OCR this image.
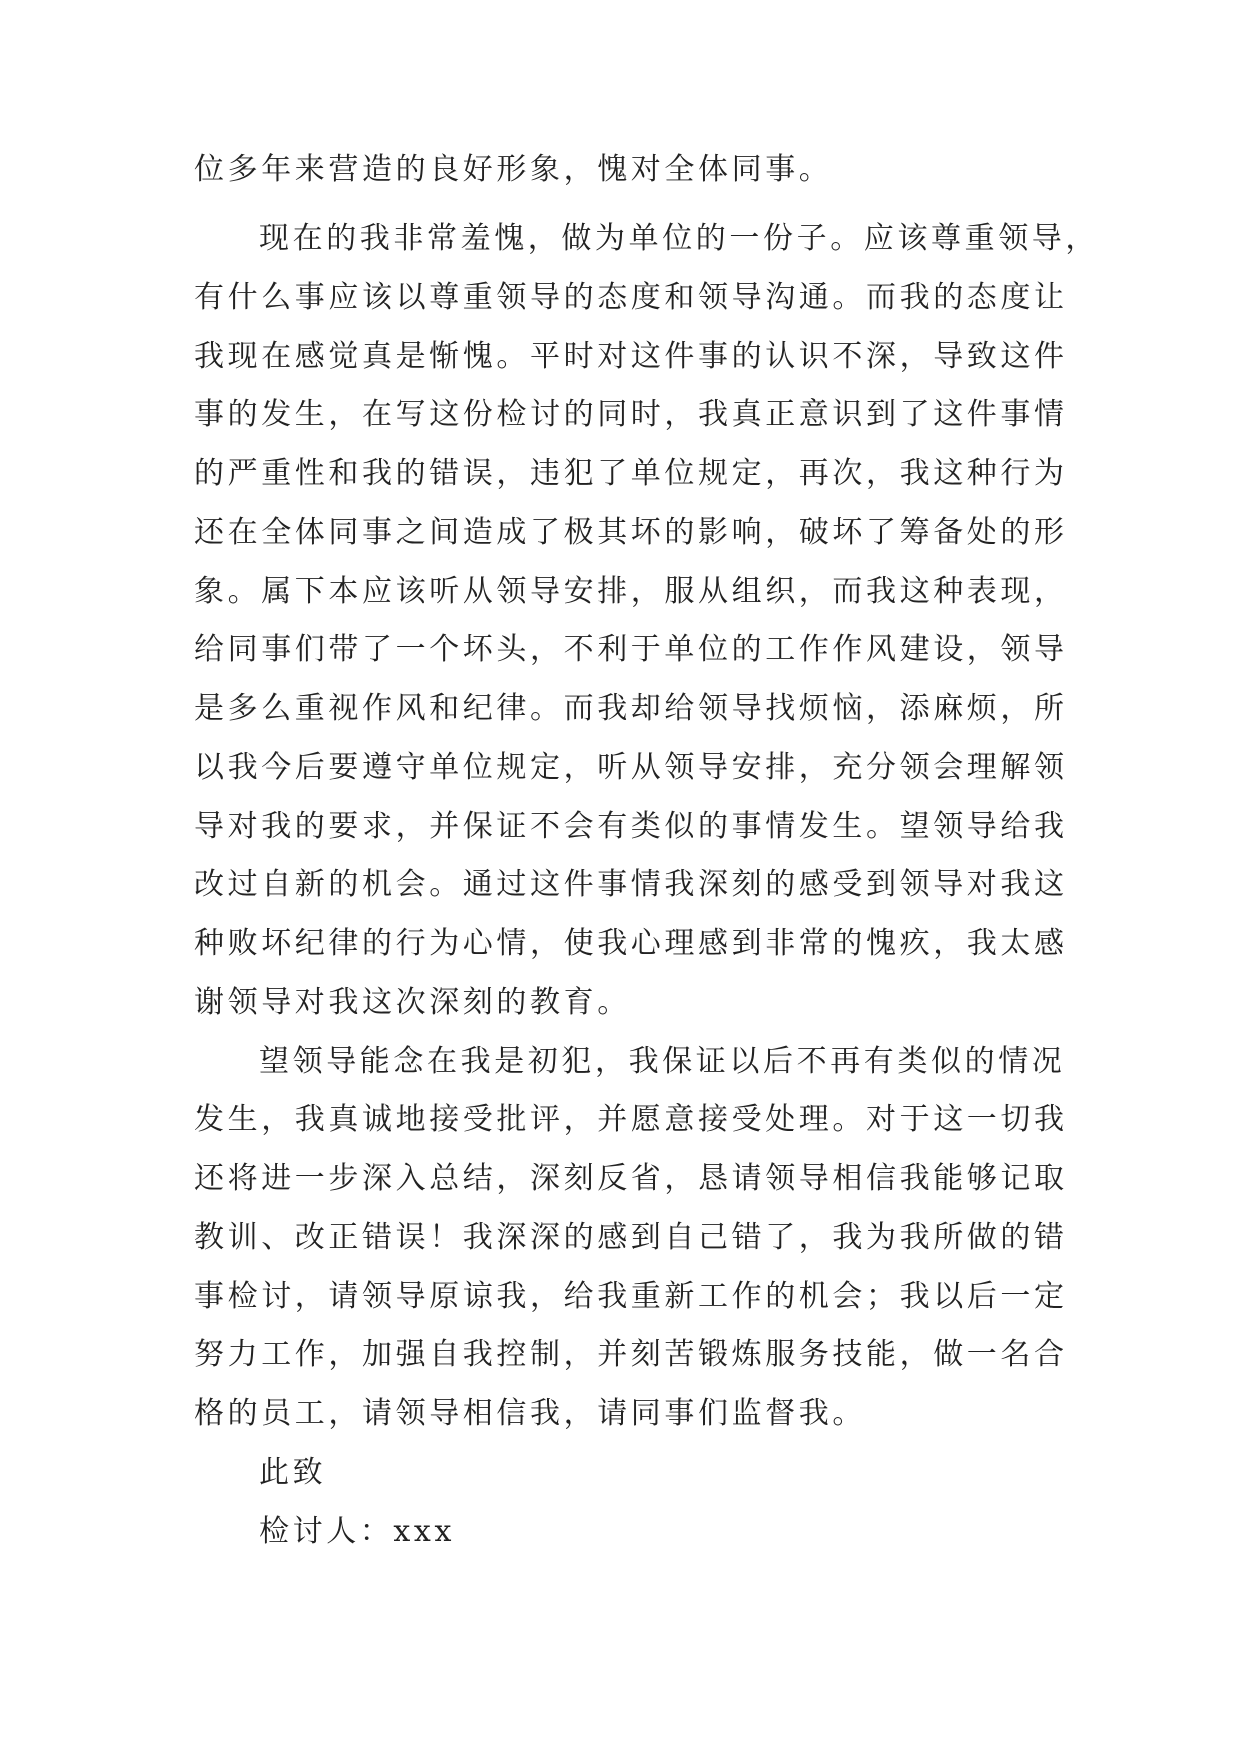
位多年来营造的良好形象，愧对全体同事。
现在的我非常羞愧，做为单位的一份子。应该尊重领导，
有什么事应该以尊重领导的态度和领导沟通。而我的态度让
我现在感觉真是惭愧。平时对这件事的认识不深，导致这件
事的发生，在写这份检讨的同时，我真正意识到了这件事情
的严重性和我的错误，违犯了单位规定，再次，我这种行为
还在全体同事之间造成了极其坏的影响，破坏了筹备处的形
象。属下本应该听从领导安排，服从组织，而我这种表现，
给同事们带了一个坏头，不利于单位的工作作风建设，领导
是多么重视作风和纪律。而我却给领导找烦恼，添麻烦，所
以我今后要遵守单位规定，听从领导安排，充分领会理解领
导对我的要求，并保证不会有类似的事情发生。望领导给我
改过自新的机会。通过这件事情我深刻的感受到领导对我这
种败坏纪律的行为心情，使我心理感到非常的愧疚，我太感
谢领导对我这次深刻的教育。
望领导能念在我是初犯，我保证以后不再有类似的情况
发生，我真诚地接受批评，并愿意接受处理。对于这一切我
还将进一步深入总结，深刻反省，恳请领导相信我能够记取
教训、改正错误！我深深的感到自己错了，我为我所做的错
事检讨，请领导原谅我，给我重新工作的机会；我以后一定
努力工作，加强自我控制，并刻苦锻炼服务技能，做一名合
格的员工，请领导相信我，请同事们监督我。
此致
检讨人：xxx
